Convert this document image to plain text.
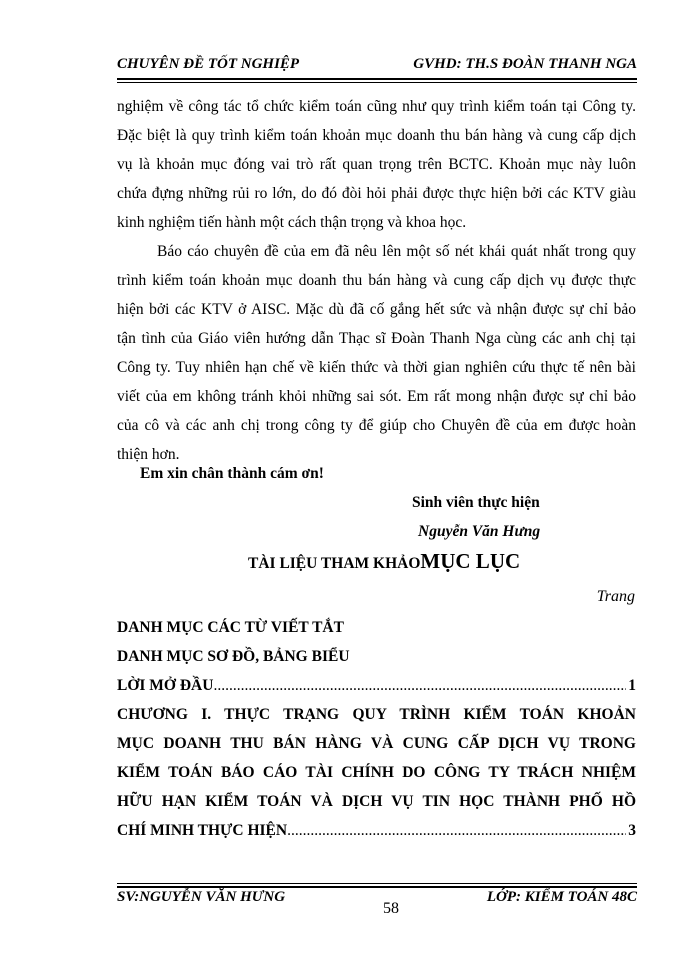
CHUYÊN ĐỀ TỐT NGHIỆP	GVHD: TH.S ĐOÀN THANH NGA
nghiệm về công tác tổ chức kiểm toán cũng như quy trình kiểm toán tại Công ty.
Đặc biệt là quy trình kiểm toán khoản mục doanh thu bán hàng và cung cấp dịch
vụ là khoản mục đóng vai trò rất quan trọng trên BCTC. Khoản mục này luôn
chứa đựng những rủi ro lớn, do đó đòi hỏi phải được thực hiện bởi các KTV giàu
kinh nghiệm tiến hành một cách thận trọng và khoa học.
Báo cáo chuyên đề của em đã nêu lên một số nét khái quát nhất trong quy
trình kiểm toán khoản mục doanh thu bán hàng và cung cấp dịch vụ được thực
hiện bởi các KTV ở AISC. Mặc dù đã cố gắng hết sức và nhận được sự chỉ bảo
tận tình của Giáo viên hướng dẫn Thạc sĩ Đoàn Thanh Nga cùng các anh chị tại
Công ty. Tuy nhiên hạn chế về kiến thức và thời gian nghiên cứu thực tế nên bài
viết của em không tránh khỏi những sai sót. Em rất mong nhận được sự chỉ bảo
của cô và các anh chị trong công ty để giúp cho Chuyên đề của em được hoàn
thiện hơn.
Em xin chân thành cám ơn!
Sinh viên thực hiện
Nguyễn Văn Hưng
TÀI LIỆU THAM KHẢOMỤC LỤC
Trang
DANH MỤC CÁC TỪ VIẾT TẮT
DANH MỤC SƠ ĐỒ, BẢNG BIỂU
LỜI MỞ ĐẦU .....	1
CHƯƠNG I. THỰC TRẠNG QUY TRÌNH KIỂM TOÁN KHOẢN
MỤC DOANH THU BÁN HÀNG VÀ CUNG CẤP DỊCH VỤ TRONG
KIỂM TOÁN BÁO CÁO TÀI CHÍNH DO CÔNG TY TRÁCH NHIỆM
HỮU HẠN KIỂM TOÁN VÀ DỊCH VỤ TIN HỌC THÀNH PHỐ HỒ
CHÍ MINH THỰC HIỆN .....	3
SV:NGUYỄN VĂN HƯNG	LỚP: KIỂM TOÁN 48C
58
